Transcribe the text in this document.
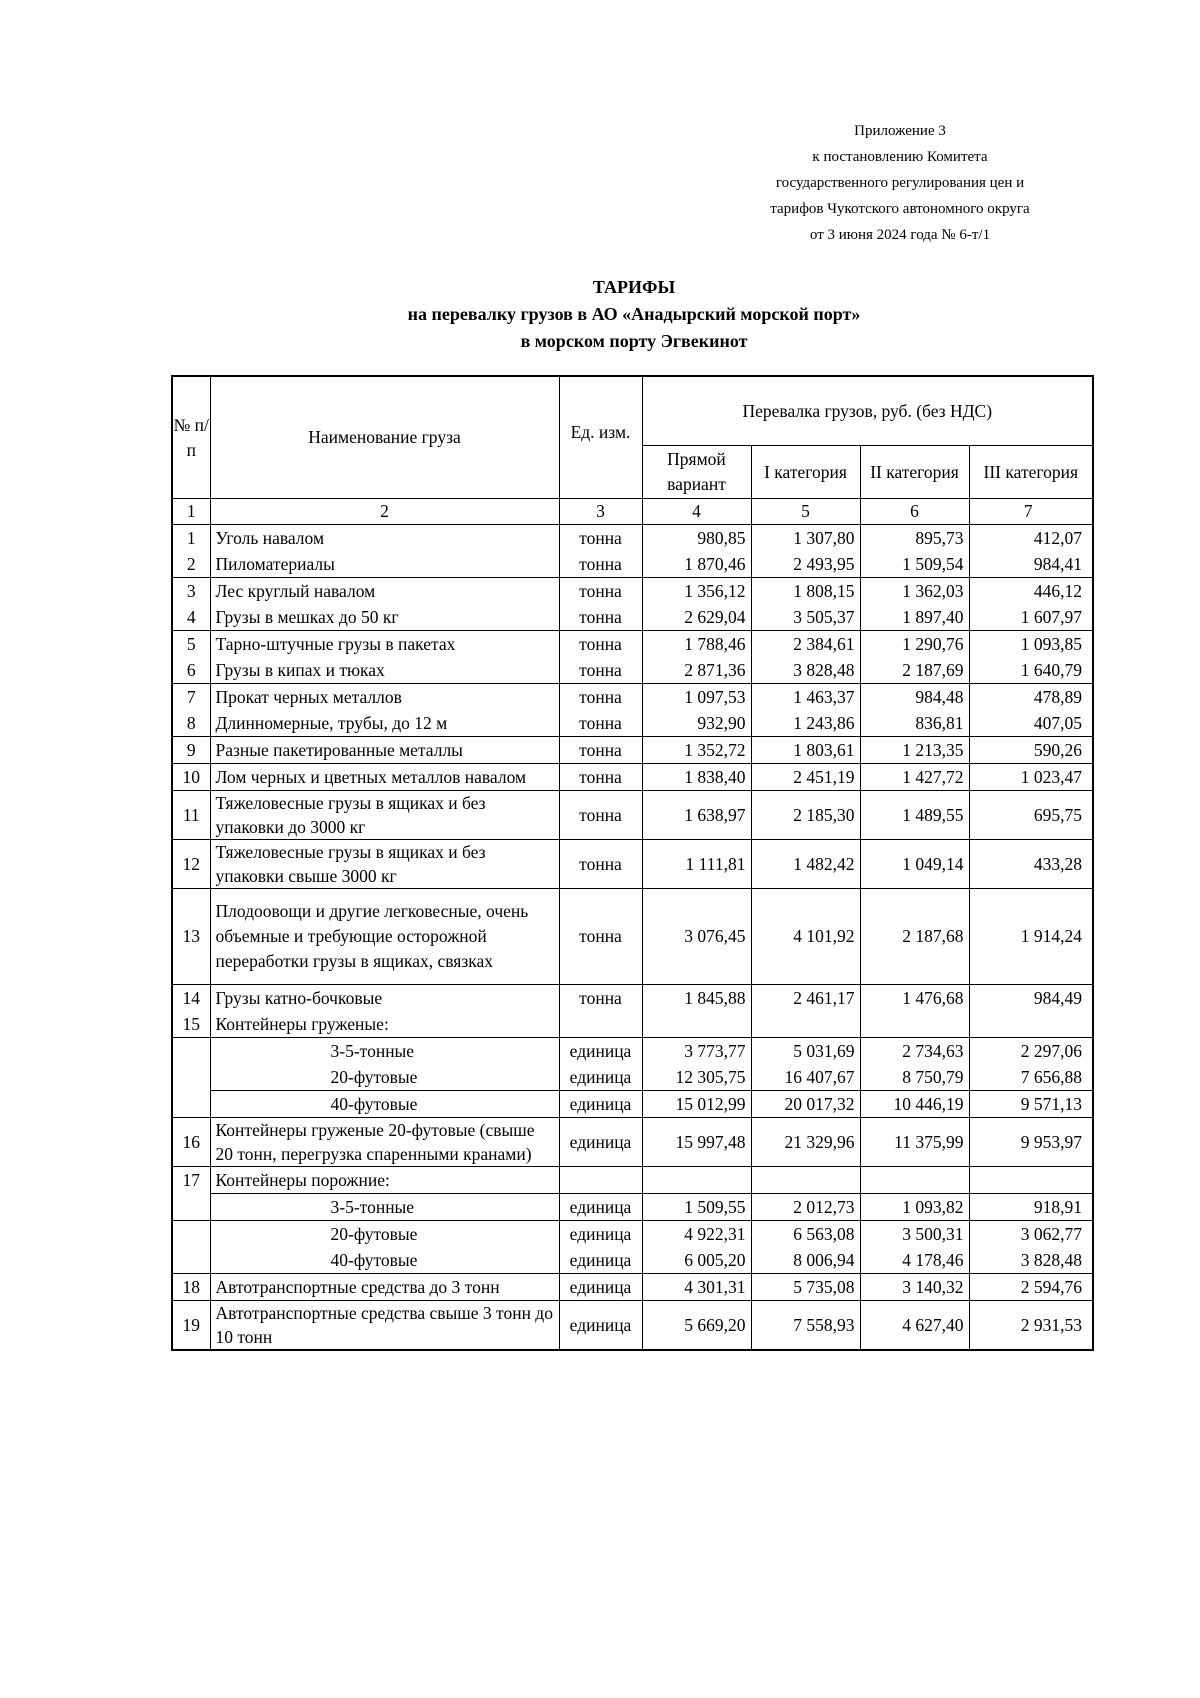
Приложение 3
к постановлению Комитета
государственного регулирования цен и
тарифов Чукотского автономного округа
от 3 июня 2024 года № 6-т/1
ТАРИФЫ
на перевалку грузов в АО «Анадырский морской порт»
в морском порту Эгвекинот
№ п/п	Наименование груза	Ед. изм.	Перевалка грузов, руб. (без НДС)			
			Прямой вариант	I категория	II категория	III категория
1	2	3	4	5	6	7
1	Уголь навалом	тонна	980,85	1 307,80	895,73	412,07
2	Пиломатериалы	тонна	1 870,46	2 493,95	1 509,54	984,41
3	Лес круглый навалом	тонна	1 356,12	1 808,15	1 362,03	446,12
4	Грузы в мешках до 50 кг	тонна	2 629,04	3 505,37	1 897,40	1 607,97
5	Тарно-штучные грузы в пакетах	тонна	1 788,46	2 384,61	1 290,76	1 093,85
6	Грузы в кипах и тюках	тонна	2 871,36	3 828,48	2 187,69	1 640,79
7	Прокат черных металлов	тонна	1 097,53	1 463,37	984,48	478,89
8	Длинномерные, трубы, до 12 м	тонна	932,90	1 243,86	836,81	407,05
9	Разные пакетированные металлы	тонна	1 352,72	1 803,61	1 213,35	590,26
10	Лом черных и цветных металлов навалом	тонна	1 838,40	2 451,19	1 427,72	1 023,47
11	Тяжеловесные грузы в ящиках и без упаковки до 3000 кг	тонна	1 638,97	2 185,30	1 489,55	695,75
12	Тяжеловесные грузы в ящиках и без упаковки свыше 3000 кг	тонна	1 111,81	1 482,42	1 049,14	433,28
13	Плодоовощи и другие легковесные, очень объемные и требующие осторожной переработки грузы в ящиках, связках	тонна	3 076,45	4 101,92	2 187,68	1 914,24
14	Грузы катно-бочковые	тонна	1 845,88	2 461,17	1 476,68	984,49
15	Контейнеры груженые:					
	3-5-тонные	единица	3 773,77	5 031,69	2 734,63	2 297,06
	20-футовые	единица	12 305,75	16 407,67	8 750,79	7 656,88
	40-футовые	единица	15 012,99	20 017,32	10 446,19	9 571,13
16	Контейнеры груженые 20-футовые (свыше 20 тонн, перегрузка спаренными кранами)	единица	15 997,48	21 329,96	11 375,99	9 953,97
17	Контейнеры порожние:					
	3-5-тонные	единица	1 509,55	2 012,73	1 093,82	918,91
	20-футовые	единица	4 922,31	6 563,08	3 500,31	3 062,77
	40-футовые	единица	6 005,20	8 006,94	4 178,46	3 828,48
18	Автотранспортные средства до 3 тонн	единица	4 301,31	5 735,08	3 140,32	2 594,76
19	Автотранспортные средства свыше 3 тонн до 10 тонн	единица	5 669,20	7 558,93	4 627,40	2 931,53
